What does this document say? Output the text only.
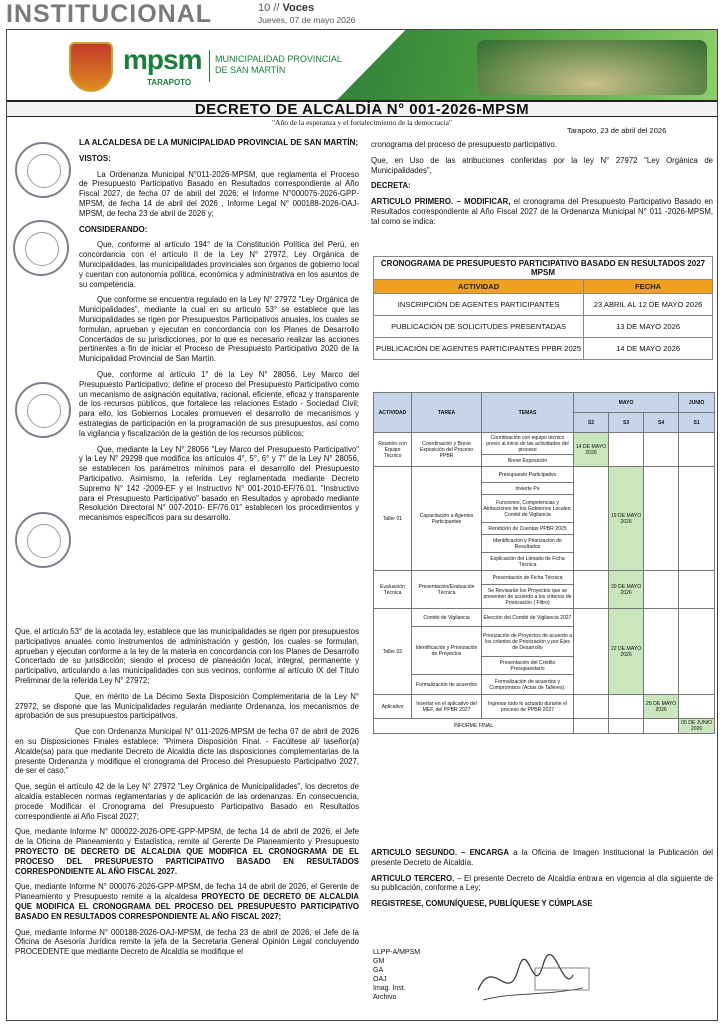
INSTITUCIONAL	10 // Voces
Jueves, 07 de mayo 2026
mpsm
TARAPOTO
MUNICIPALIDAD PROVINCIAL
DE SAN MARTÍN
DECRETO DE ALCALDÍA N° 001-2026-MPSM
"Año de la esperanza y el fortalecimiento de la democracia"

LA ALCALDESA DE LA MUNICIPALIDAD PROVINCIAL DE SAN MARTÍN;

VISTOS:

La Ordenanza Municipal N°011-2026-MPSM, que reglamenta el Proceso de Presupuesto Participativo Basado en Resultados correspondiente al Año Fiscal 2027, de fecha 07 de abril del 2026; el Informe N°000076-2026-GPP-MPSM, de fecha 14 de abril del 2026 , Informe Legal N° 000188-2026-OAJ-MPSM, de fecha 23 de abril de 2026 y;

CONSIDERANDO:

Que, conforme al artículo 194° de la Constitución Política del Perú, en concordancia con el artículo II de la Ley N° 27972, Ley Orgánica de Municipalidades, las municipalidades provinciales son órganos de gobierno local y cuentan con autonomía política, económica y administrativa en los asuntos de su competencia.

Que conforme se encuentra regulado en la Ley N° 27972 "Ley Orgánica de Municipalidades", mediante la cual en su artículo 53° se establece que las Municipalidades se rigen por Presupuestos Participativos anuales, los cuales se formulan, aprueban y ejecutan en concordancia con los Planes de Desarrollo Concertados de su jurisdicciones, por lo que es necesario realizar las acciones pertinentes a fin de iniciar el Proceso de Presupuesto Participativo 2020 de la Municipalidad Provincial de San Martín.

Que, conforme al artículo 1° de la Ley N° 28056, Ley Marco del Presupuesto Participativo; define el proceso del Presupuesto Participativo como un mecanismo de asignación equitativa, racional, eficiente, eficaz y transparente de los recursos públicos, que fortalece las relaciones Estado - Sociedad Civil; para ello, los Gobiernos Locales promueven el desarrollo de mecanismos y estrategias de participación en la programación de sus presupuestos, así como la vigilancia y fiscalización de la gestión de los recursos públicos;

Que, mediante la Ley N° 28056 "Ley Marco del Presupuesto Participativo" y la Ley N° 29298 que modifica los artículos 4°, 5°, 6° y 7° de la Ley N° 28056, se establecen los parámetros mínimos para el desarrollo del Presupuesto Participativo. Asimismo, la referida Ley reglamentada mediante Decreto Supremo N° 142 -2009-EF y el Instructivo N° 001-2010-EF/76.01. "Instructivo para el Presupuesto Participativo" basado en Resultados y aprobado mediante Resolución Directoral N° 007-2010- EF/76.01" establecen los procedimientos y mecanismos específicos para su desarrollo.

Que, el artículo 53° de la acotada ley, establece que las municipalidades se rigen por presupuestos participativos anuales como instrumentos de administración y gestión, los cuales se formulan, aprueban y ejecutan conforme a la ley de la materia en concordancia con los Planes de Desarrollo Concertado de su jurisdicción; siendo el proceso de planeación local, integral, permanente y participativo, articulando a las municipalidades con sus vecinos, conforme al artículo IX del Título Preliminar de la referida Ley N° 27972;

Que, en mérito de La Décimo Sexta Disposición Complementaria de la Ley N° 27972, se dispone que las Municipalidades regularán mediante Ordenanza, los mecanismos de aprobación de sus presupuestos participativos.

Que con Ordenanza Municipal N° 011-2026-MPSM de fecha 07 de abril de 2026 en su Disposiciones Finales establece: "Primera Disposición Final. - Facúltese al/ laseñor(a) Alcalde(sa) para que mediante Decreto de Alcaldía dicte las disposiciones complementarias de la presente Ordenanza y modifique el cronograma del Proceso del Presupuesto Participativo 2027, de ser el caso."

Que, según el artículo 42 de la Ley N° 27972 "Ley Orgánica de Municipalidades", los decretos de alcaldía establecen normas reglamentarias y de aplicación de las ordenanzas. En consecuencia, procede Modificar el Cronograma del Presupuesto Participativo Basado en Resultados correspondiente al Año Fiscal 2027;

Que, mediante Informe N° 000022-2026-OPE-GPP-MPSM, de fecha 14 de abril de 2026, el Jefe de la Oficina de Planeamiento y Estadística, remite al Gerente De Planeamiento y Presupuesto PROYECTO DE DECRETO DE ALCALDIA QUE MODIFICA EL CRONOGRAMA DE EL PROCESO DEL PRESUPUESTO PARTICIPATIVO BASADO EN RESULTADOS CORRESPONDIENTE AL AÑO FISCAL 2027.

Que, mediante Informe N° 000076-2026-GPP-MPSM, de fecha 14 de abril de 2026, el Gerente de Planeamiento y Presupuesto remite a la alcaldesa PROYECTO DE DECRETO DE ALCALDIA QUE MODIFICA EL CRONOGRAMA DEL PROCESO DEL PRESUPUESTO PARTICIPATIVO BASADO EN RESULTADOS CORRESPONDIENTE AL AÑO FISCAL 2027;

Que, mediante Informe N° 000188-2026-OAJ-MPSM, de fecha 23 de abril de 2026, el Jefe de la Oficina de Asesoría Jurídica remite la jefa de la Secretaria General Opinión Legal concluyendo PROCEDENTE que mediante Decreto de Alcaldía se modifique el

Tarapoto, 23 de abril del 2026

cronograma del proceso de presupuesto participativo.

Que, en Uso de las atribuciones conferidas por la ley N° 27972 "Ley Orgánica de Municipalidades",

DECRETA:

ARTICULO PRIMERO. – MODIFICAR, el cronograma del Presupuesto Participativo Basado en Resultados correspondiente al Año Fiscal 2027 de la Ordenanza Municipal N° 011 -2026-MPSM, tal como se indica:

CRONOGRAMA DE PRESUPUESTO PARTICIPATIVO BASADO EN RESULTADOS 2027 MPSM	
ACTIVIDAD	FECHA
INSCRIPCIÓN DE AGENTES PARTICIPANTES	23 ABRIL AL 12 DE MAYO 2026
PUBLICACIÓN DE SOLICITUDES PRESENTADAS	13 DE MAYO 2026
PUBLICACIÓN DE AGENTES PARTICIPANTES PPBR 2025	14 DE MAYO 2026
ACTIVIDAD	TAREA	TEMAS	MAYO			JUNIO
			S2	S3	S4	S1
Reunión con Equipo Técnico	Coordinación y Breve Exposición del Proceso PPBR	Coordinación con equipo técnico previo al inicio de las actividades del proceso	14 DE MAYO 2026			
		Breve Exposición				
Taller 01	Capacitación a Agentes Participantes	Presupuesto Participativo		19 DE MAYO 2026		
		Invierte Pe				
		Funciones, Competencias y Atribuciones de los Gobiernos Locales; Comité de Vigilancia				
		Rendición de Cuentas PPBR 2025				
		Identificación y Priorización de Resultados				
		Explicación del Llenado de Ficha Técnica				
Evaluación Técnica	Presentación/Evaluación Técnica	Presentación de Ficha Técnica		20 DE MAYO 2026		
		Se Revisarán los Proyectos que se presenten de acuerdo a los criterios de Priorización ( Filtro)				
Taller 02	Comité de Vigilancia	Elección del Comité de Vigilancia 2027		22 DE MAYO 2026		
	Identificación y Priorización de Proyectos	Priorización de Proyectos de acuerdo a los criterios de Priorización y por Ejes de Desarrollo				
		Presentación del Crédito Presupuestario				
	Formalización de acuerdos	Formalización de acuerdos y Compromisos (Actas de Talleres).				
Aplicativo	Insertar en el aplicativo del MEF, del PPBR 2027	Ingresar todo lo actuado durante el proceso de PPBR 2027			25 DE MAYO 2026	
INFORME FINAL						05 DE JUNIO 2026

ARTICULO SEGUNDO. – ENCARGA a la Oficina de Imagen Institucional la Publicación del presente Decreto de Alcaldía.

ARTICULO TERCERO. – El presente Decreto de Alcaldía entrara en vigencia al día siguiente de su publicación, conforme a Ley;

REGISTRESE, COMUNÍQUESE, PUBLÍQUESE Y CÚMPLASE

LLPP-A/MPSM
GM
GA
OAJ
Imag. Inst.
Archivo
